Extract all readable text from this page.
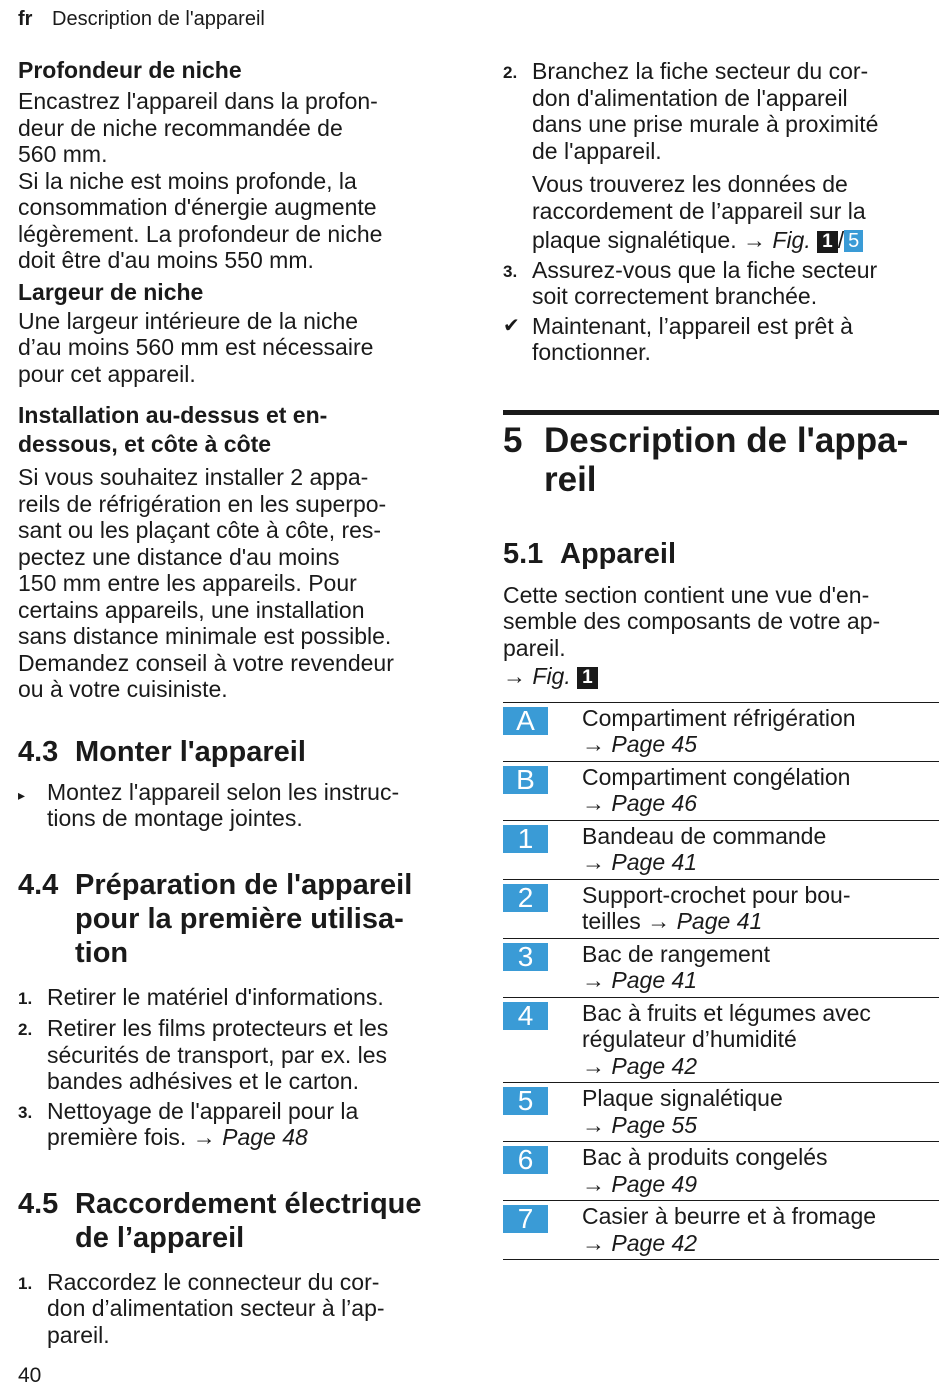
fr Description de l'appareil

Profondeur de niche

Encastrez l'appareil dans la profon-
deur de niche recommandée de
560 mm.
Si la niche est moins profonde, la
consommation d'énergie augmente
légèrement. La profondeur de niche
doit être d'au moins 550 mm.

Largeur de niche

Une largeur intérieure de la niche
d’au moins 560 mm est nécessaire
pour cet appareil.
Installation au-dessus et en-
dessous, et côte à côte
Si vous souhaitez installer 2 appa-
reils de réfrigération en les superpo-
sant ou les plaçant côte à côte, res-
pectez une distance d'au moins
150 mm entre les appareils. Pour
certains appareils, une installation
sans distance minimale est possible.
Demandez conseil à votre revendeur
ou à votre cuisiniste.
4.3 Monter l'appareil
▸ Montez l'appareil selon les instruc-
tions de montage jointes.
4.4 Préparation de l'appareil
pour la première utilisa-
tion
1. Retirer le matériel d'informations.
2. Retirer les films protecteurs et les
sécurités de transport, par ex. les
bandes adhésives et le carton.
3. Nettoyage de l'appareil pour la
première fois. → Page 48
4.5 Raccordement électrique
de l’appareil
1. Raccordez le connecteur du cor-
don d’alimentation secteur à l’ap-
pareil.
2. Branchez la fiche secteur du cor-
don d'alimentation de l'appareil
dans une prise murale à proximité
de l'appareil.
Vous trouverez les données de
raccordement de l’appareil sur la
plaque signalétique. → Fig. 1 / 5
3. Assurez-vous que la fiche secteur
soit correctement branchée.
✔ Maintenant, l’appareil est prêt à
fonctionner.
5 Description de l'appa-
reil
5.1 Appareil
Cette section contient une vue d'en-
semble des composants de votre ap-
pareil.
→ Fig. 1
A	Compartiment réfrigération
→ Page 45

B	Compartiment congélation
→ Page 46

1	Bandeau de commande
→ Page 41

2	Support-crochet pour bou-
teilles → Page 41

3	Bac de rangement
→ Page 41

4	Bac à fruits et légumes avec
régulateur d’humidité
→ Page 42

5	Plaque signalétique
→ Page 55

6	Bac à produits congelés
→ Page 49

7	Casier à beurre et à fromage
→ Page 42
40
